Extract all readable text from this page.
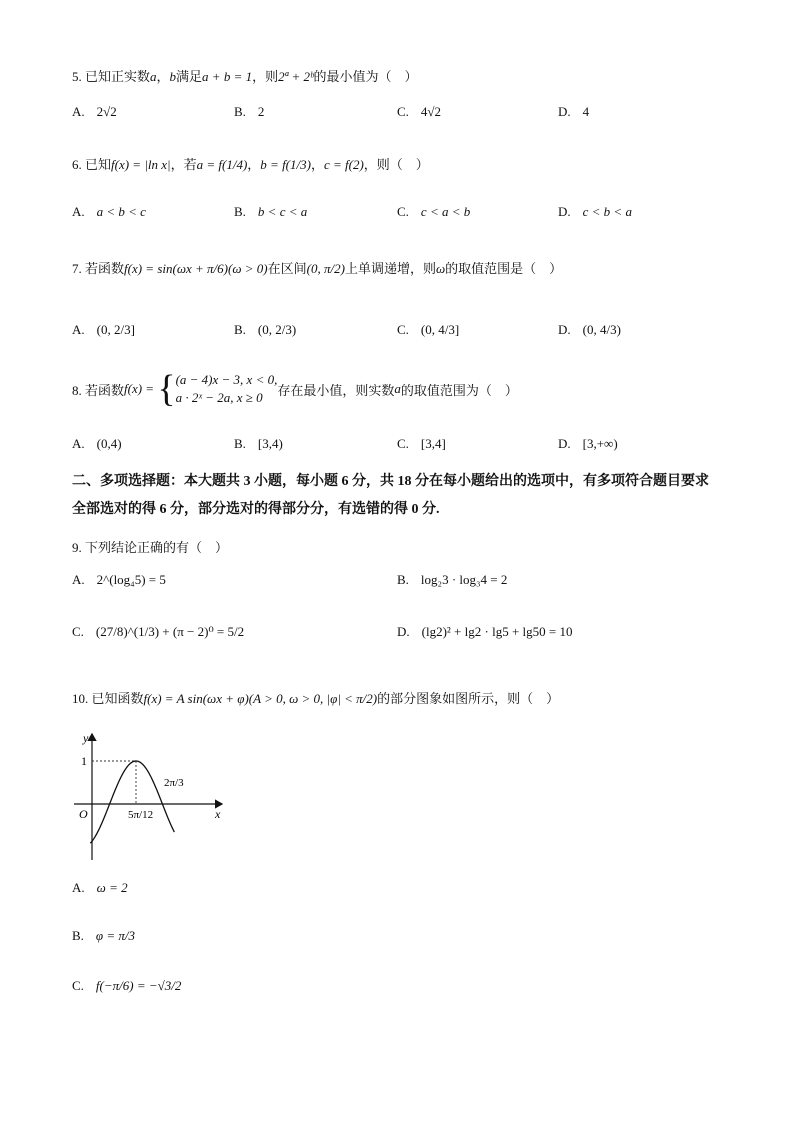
5. 已知正实数a，b满足a + b = 1，则2ª + 2ᵇ的最小值为（　）
A. 2√2	B. 2	C. 4√2	D. 4
6. 已知f(x) = |ln x|，若a = f(1/4)，b = f(1/3)，c = f(2)，则（　）
A. a < b < c	B. b < c < a	C. c < a < b	D. c < b < a
7. 若函数f(x) = sin(ωx + π/6)(ω > 0)在区间(0, π/2)上单调递增，则ω的取值范围是（　）
A. (0, 2/3]	B. (0, 2/3)	C. (0, 4/3]	D. (0, 4/3)
8. 若函数 f(x) = { (a − 4)x − 3, x < 0,
a · 2ˣ − 2a, x ≥ 0	存在最小值，则实数 a 的取值范围为（　）
A. (0,4)	B. [3,4)	C. [3,4]	D. [3,+∞)
二、多项选择题：本大题共 3 小题，每小题 6 分，共 18 分在每小题给出的选项中，有多项符合题目要求全部选对的得 6 分，部分选对的得部分分，有选错的得 0 分.
9. 下列结论正确的有（　）
A. 2^(log₄5) = 5	B. log₂3 · log₃4 = 2
C. (27/8)^(1/3) + (π − 2)⁰ = 5/2	D. (lg2)² + lg2 · lg5 + lg50 = 10
10. 已知函数f(x) = A sin(ωx + φ)(A > 0, ω > 0, |φ| < π/2)的部分图象如图所示，则（　）
y
x
O
1
5π/12
2π/3
A. ω = 2
B. φ = π/3
C. f(−π/6) = −√3/2
